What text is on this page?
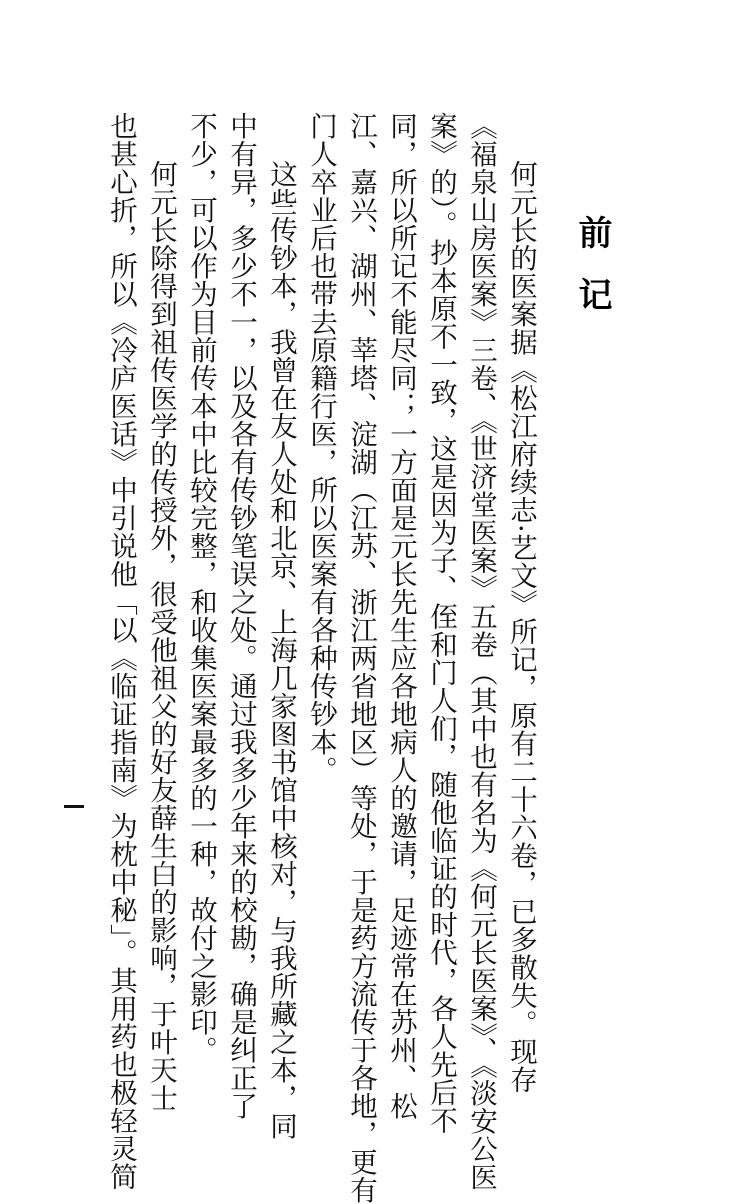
前记
何元长的医案据《松江府续志·艺文》所记，原有二十六卷，已多散失。现存
《福泉山房医案》三卷、《世济堂医案》五卷（其中也有名为《何元长医案》、《淡安公医
案》的）。抄本原不一致，这是因为子、侄和门人们，随他临证的时代，各人先后不
同，所以所记不能尽同；一方面是元长先生应各地病人的邀请，足迹常在苏州、松
江、嘉兴、湖州、莘塔、淀湖（江苏、浙江两省地区）等处，于是药方流传于各地，更有
门人卒业后也带去原籍行医，所以医案有各种传钞本。
这些传钞本，我曾在友人处和北京、上海几家图书馆中核对，与我所藏之本，同
中有异，多少不一，以及各有传钞笔误之处。通过我多少年来的校勘，确是纠正了
不少，可以作为目前传本中比较完整，和收集医案最多的一种，故付之影印。
何元长除得到祖传医学的传授外，很受他祖父的好友薛生白的影响，于叶天士
也甚心折，所以《冷庐医话》中引说他「以《临证指南》为枕中秘」。其用药也极轻灵简
